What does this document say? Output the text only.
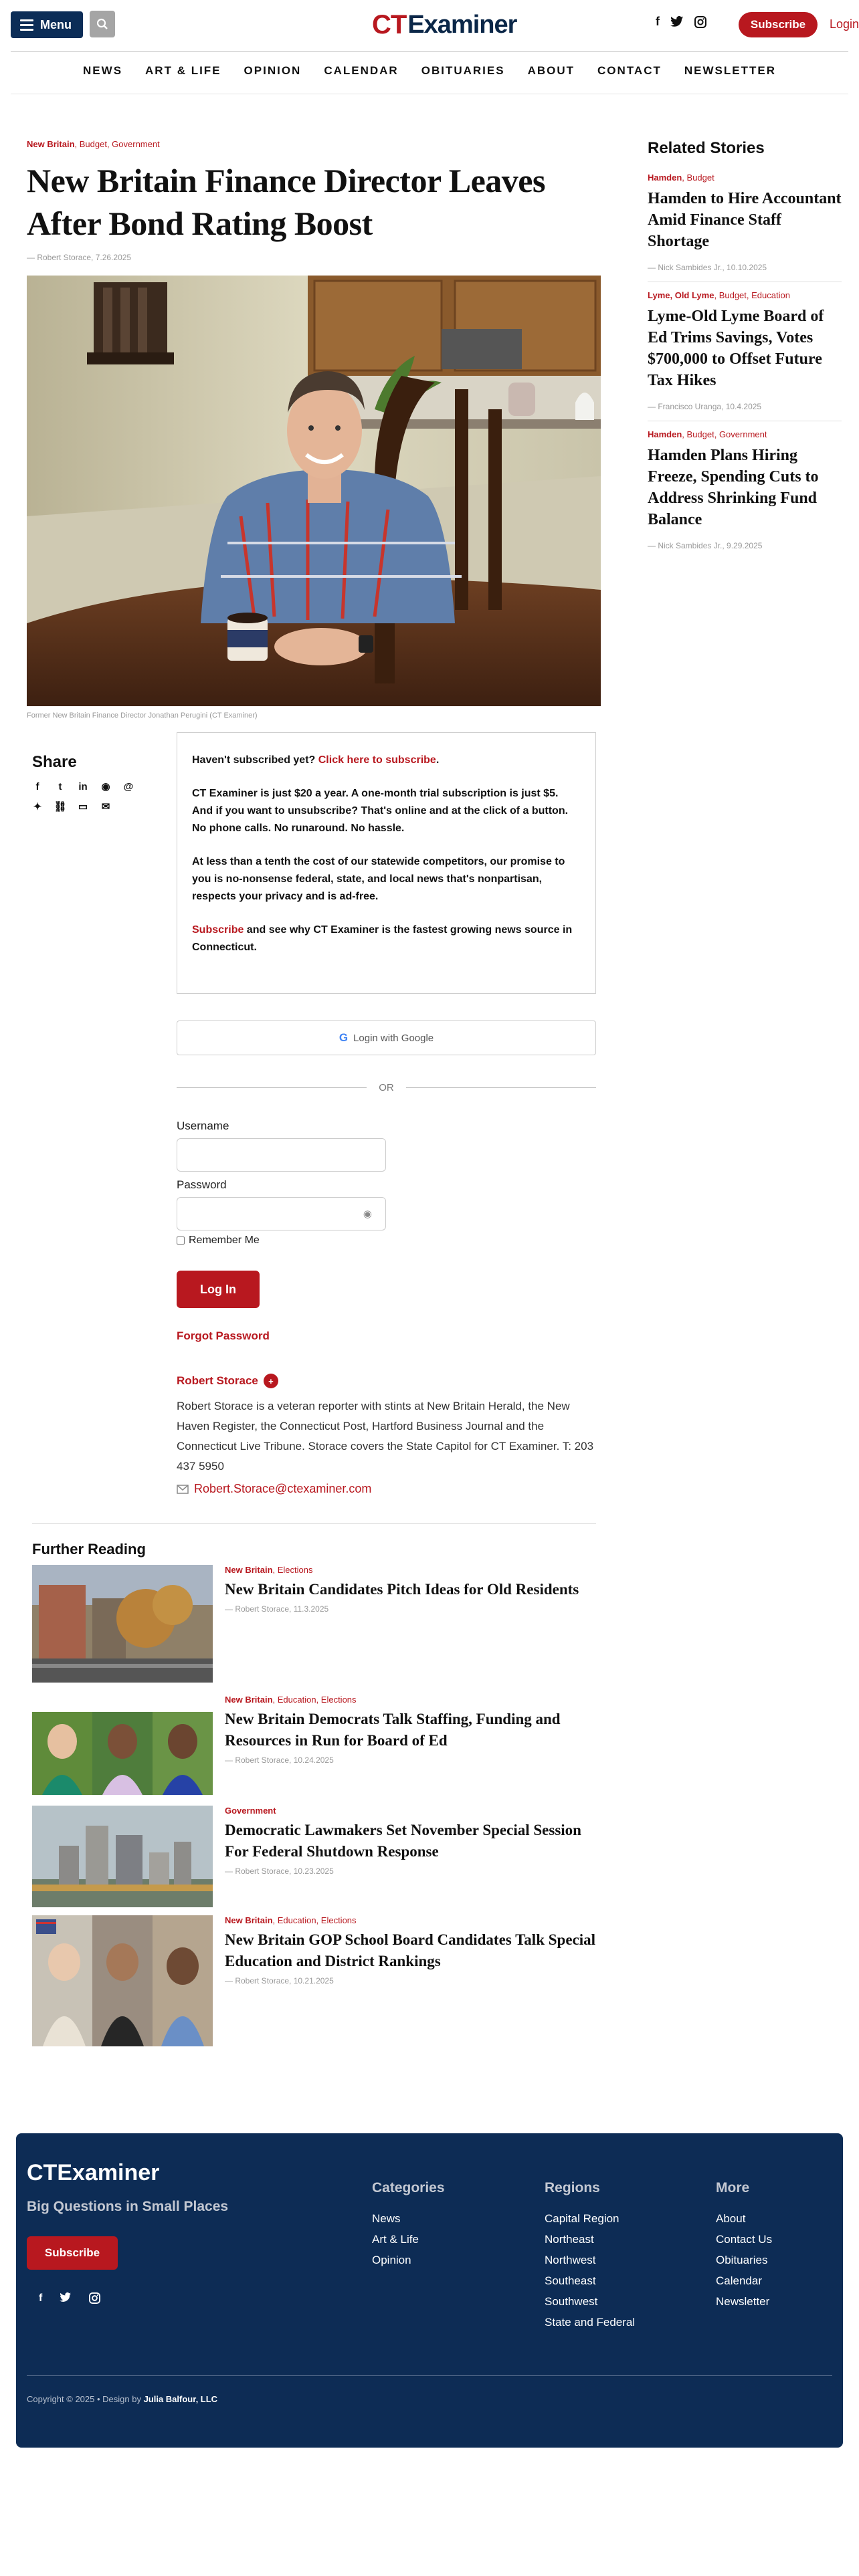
Menu	CT Examiner	f	Subscribe	Login
NEWS ART & LIFE OPINION CALENDAR OBITUARIES ABOUT CONTACT NEWSLETTER
New Britain, Budget, Government
New Britain Finance Director Leaves After Bond Rating Boost
— Robert Storace, 7.26.2025
Former New Britain Finance Director Jonathan Perugini (CT Examiner)
Share
f	t	in ◉ @
✦ ⛓ ▭ ✉

Haven't subscribed yet? Click here to subscribe.

CT Examiner is just $20 a year. A one-month trial subscription is just $5. And if you want to unsubscribe? That's online and at the click of a button. No phone calls. No runaround. No hassle.

At less than a tenth the cost of our statewide competitors, our promise to you is no-nonsense federal, state, and local news that's nonpartisan, respects your privacy and is ad-free.

Subscribe and see why CT Examiner is the fastest growing news source in Connecticut.

G Login with Google
OR
Username
Password
◉
Remember Me
Log In
Forgot Password
Robert Storace	+
Robert Storace is a veteran reporter with stints at New Britain Herald, the New Haven Register, the Connecticut Post, Hartford Business Journal and the Connecticut Live Tribune. Storace covers the State Capitol for CT Examiner. T: 203 437 5950
Robert.Storace@ctexaminer.com
Further Reading
New Britain, Elections
New Britain Candidates Pitch Ideas for Old Residents
— Robert Storace, 11.3.2025
New Britain, Education, Elections
New Britain Democrats Talk Staffing, Funding and Resources in Run for Board of Ed
— Robert Storace, 10.24.2025
Government
Democratic Lawmakers Set November Special Session For Federal Shutdown Response
— Robert Storace, 10.23.2025
New Britain, Education, Elections
New Britain GOP School Board Candidates Talk Special Education and District Rankings
— Robert Storace, 10.21.2025
Related Stories
Hamden, Budget
Hamden to Hire Accountant Amid Finance Staff Shortage
— Nick Sambides Jr., 10.10.2025
Lyme, Old Lyme, Budget, Education
Lyme-Old Lyme Board of Ed Trims Savings, Votes $700,000 to Offset Future Tax Hikes
— Francisco Uranga, 10.4.2025
Hamden, Budget, Government
Hamden Plans Hiring Freeze, Spending Cuts to Address Shrinking Fund Balance
— Nick Sambides Jr., 9.29.2025
CTExaminer
Big Questions in Small Places
Subscribe
f
Categories
News
Art & Life
Opinion
Regions
Capital Region
Northeast
Northwest
Southeast
Southwest
State and Federal
More
About
Contact Us
Obituaries
Calendar
Newsletter
Copyright © 2025 • Design by Julia Balfour, LLC
